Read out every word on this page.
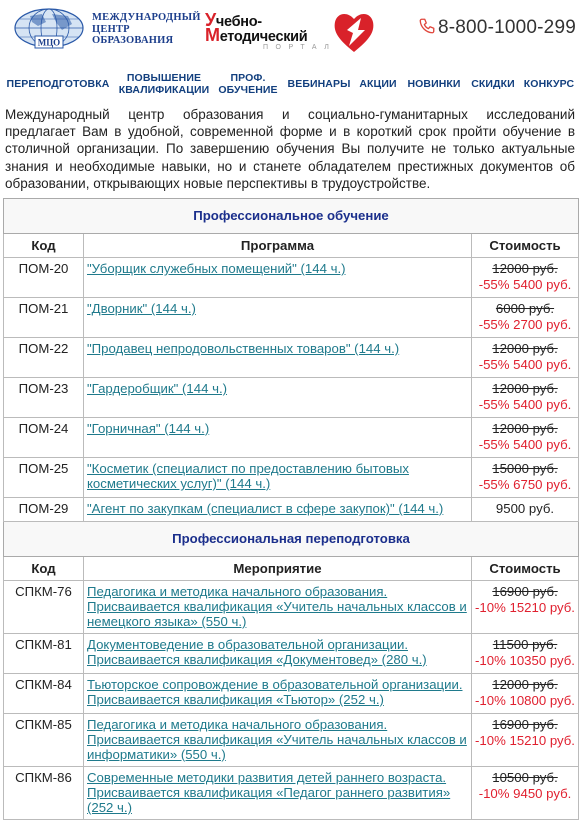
МЦО
МЕЖДУНАРОДНЫЙ
ЦЕНТР
ОБРАЗОВАНИЯ
Учебно-
Методический
ПОРТАЛ
8-800-1000-299
ПЕРЕПОДГОТОВКА
ПОВЫШЕНИЕ КВАЛИФИКАЦИИ
ПРОФ. ОБУЧЕНИЕ
ВЕБИНАРЫ АКЦИИ	НОВИНКИ	СКИДКИ КОНКУРС

Международный центр образования и социально-гуманитарных исследований предлагает Вам в удобной, современной форме и в короткий срок пройти обучение в столичной организации. По завершению обучения Вы получите не только актуальные знания и необходимые навыки, но и станете обладателем престижных документов об образовании, открывающих новые перспективы в трудоустройстве.

Профессиональное обучение		
Код	Программа	Стоимость
ПОМ-20	"Уборщик служебных помещений" (144 ч.)	12000 руб.
-55% 5400 руб.

ПОМ-21	"Дворник" (144 ч.)	6000 руб.
-55% 2700 руб.

ПОМ-22	"Продавец непродовольственных товаров" (144 ч.)	12000 руб.
-55% 5400 руб.

ПОМ-23	"Гардеробщик" (144 ч.)	12000 руб.
-55% 5400 руб.

ПОМ-24	"Горничная" (144 ч.)	12000 руб.
-55% 5400 руб.

ПОМ-25	"Косметик (специалист по предоставлению бытовых косметических услуг)" (144 ч.)	15000 руб.
-55% 6750 руб.

ПОМ-29	"Агент по закупкам (специалист в сфере закупок)" (144 ч.)	9500 руб.
Профессиональная переподготовка		
Код	Мероприятие	Стоимость
СПКМ-76	Педагогика и методика начального образования. Присваивается квалификация «Учитель начальных классов и немецкого языка» (550 ч.)	16900 руб.
-10% 15210 руб.

СПКМ-81	Документоведение в образовательной организации. Присваивается квалификация «Документовед» (280 ч.)	11500 руб.
-10% 10350 руб.

СПКМ-84	Тьюторское сопровождение в образовательной организации. Присваивается квалификация «Тьютор» (252 ч.)	12000 руб.
-10% 10800 руб.

СПКМ-85	Педагогика и методика начального образования. Присваивается квалификация «Учитель начальных классов и информатики» (550 ч.)	16900 руб.
-10% 15210 руб.

СПКМ-86	Современные методики развития детей раннего возраста. Присваивается квалификация «Педагог раннего развития» (252 ч.)	10500 руб.
-10% 9450 руб.
